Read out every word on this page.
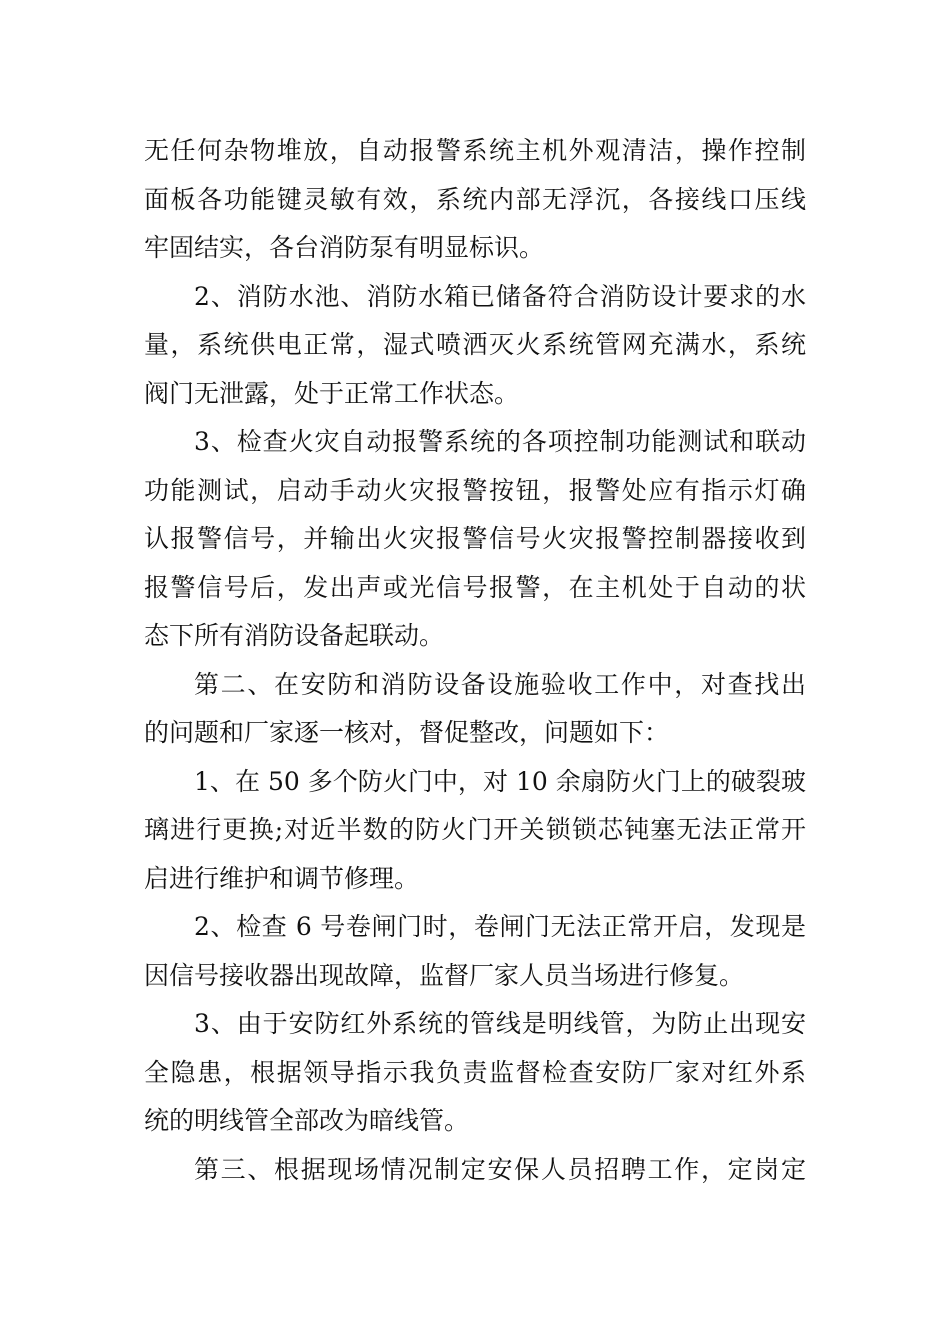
无任何杂物堆放，自动报警系统主机外观清洁，操作控制
面板各功能键灵敏有效，系统内部无浮沉，各接线口压线
牢固结实，各台消防泵有明显标识。
2、消防水池、消防水箱已储备符合消防设计要求的水
量，系统供电正常，湿式喷洒灭火系统管网充满水，系统
阀门无泄露，处于正常工作状态。
3、检查火灾自动报警系统的各项控制功能测试和联动
功能测试，启动手动火灾报警按钮，报警处应有指示灯确
认报警信号，并输出火灾报警信号火灾报警控制器接收到
报警信号后，发出声或光信号报警，在主机处于自动的状
态下所有消防设备起联动。
第二、在安防和消防设备设施验收工作中，对查找出
的问题和厂家逐一核对，督促整改，问题如下：
1、在 50 多个防火门中，对 10 余扇防火门上的破裂玻
璃进行更换;对近半数的防火门开关锁锁芯钝塞无法正常开
启进行维护和调节修理。
2、检查 6 号卷闸门时，卷闸门无法正常开启，发现是
因信号接收器出现故障，监督厂家人员当场进行修复。
3、由于安防红外系统的管线是明线管，为防止出现安
全隐患，根据领导指示我负责监督检查安防厂家对红外系
统的明线管全部改为暗线管。
第三、根据现场情况制定安保人员招聘工作，定岗定
